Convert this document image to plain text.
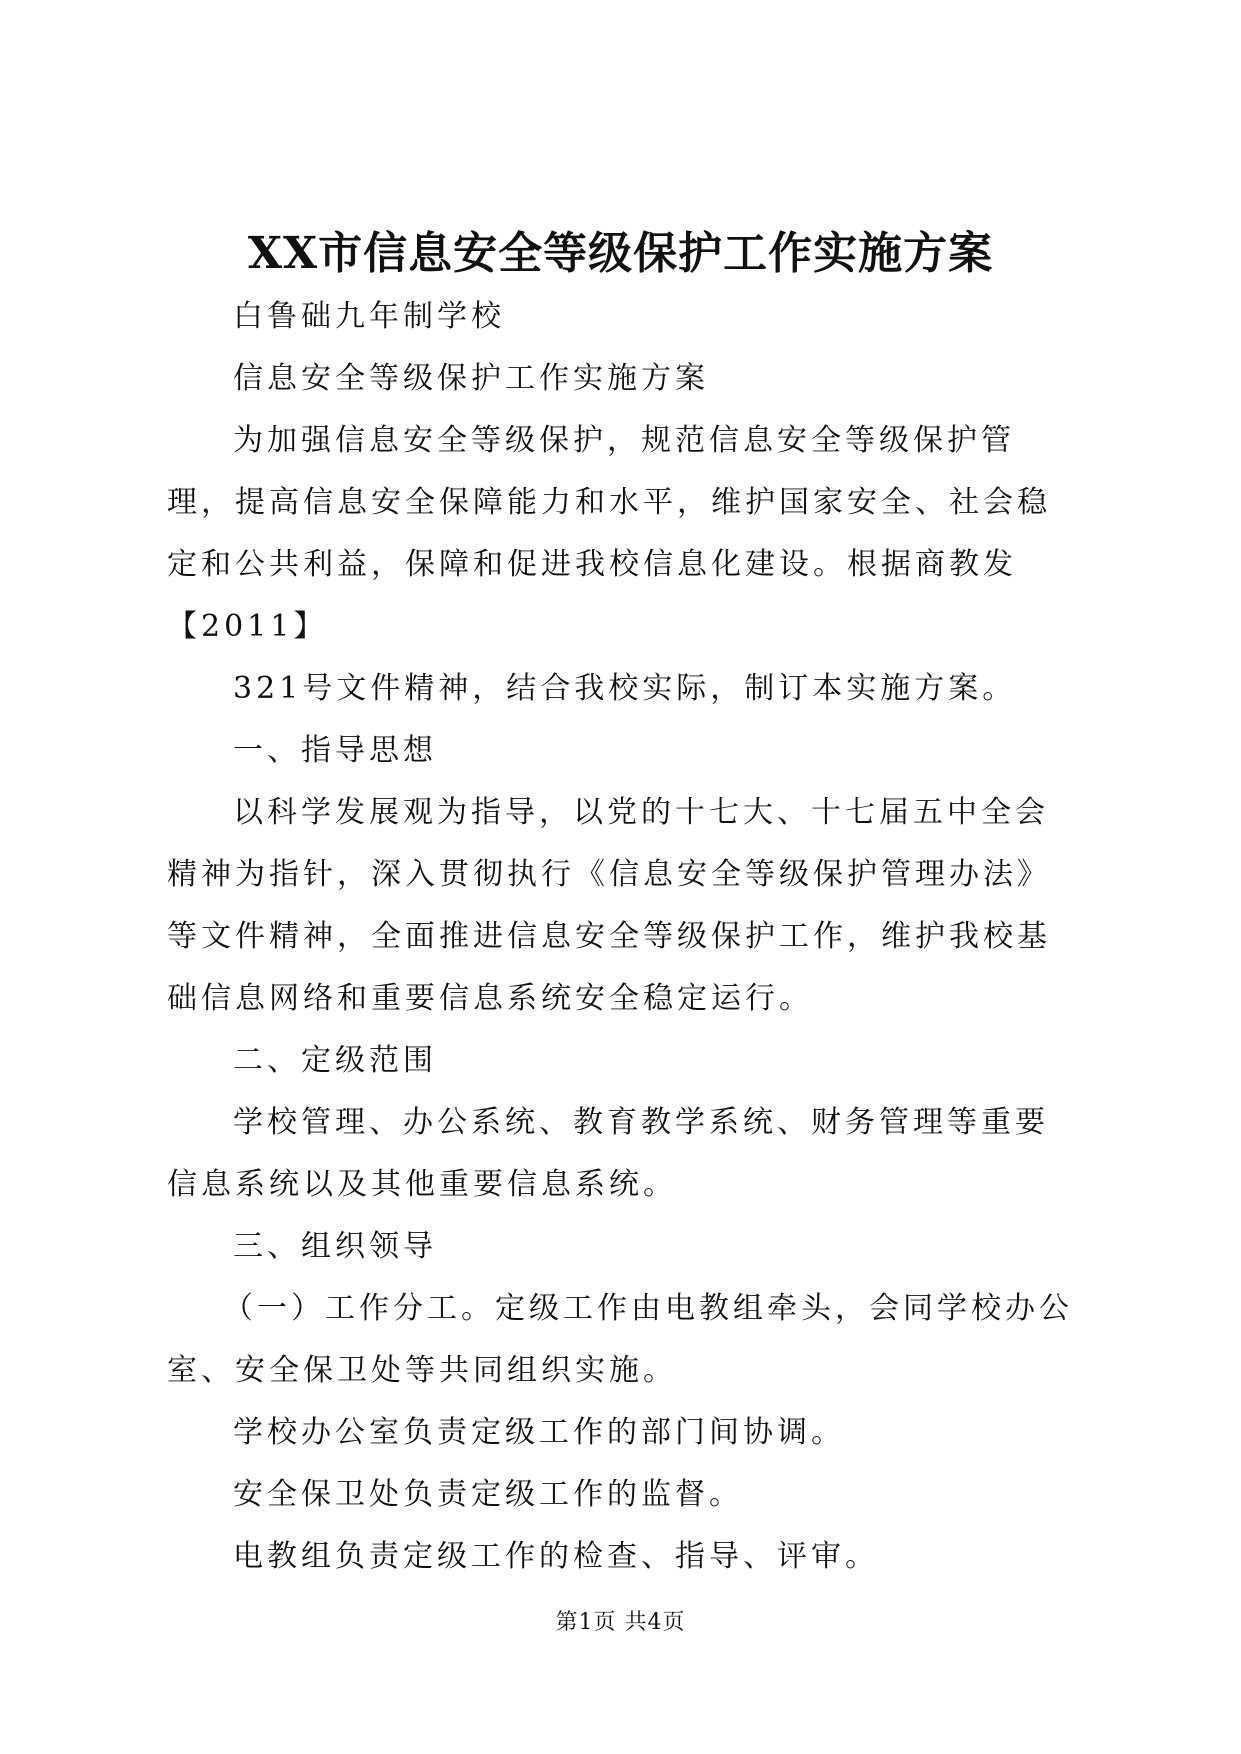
XX市信息安全等级保护工作实施方案

白鲁础九年制学校

信息安全等级保护工作实施方案

为加强信息安全等级保护，规范信息安全等级保护管理，提高信息安全保障能力和水平，维护国家安全、社会稳定和公共利益，保障和促进我校信息化建设。根据商教发【2011】

321号文件精神，结合我校实际，制订本实施方案。

一、指导思想

以科学发展观为指导，以党的十七大、十七届五中全会精神为指针，深入贯彻执行《信息安全等级保护管理办法》等文件精神，全面推进信息安全等级保护工作，维护我校基础信息网络和重要信息系统安全稳定运行。

二、定级范围

学校管理、办公系统、教育教学系统、财务管理等重要信息系统以及其他重要信息系统。

三、组织领导

（一）工作分工。定级工作由电教组牵头，会同学校办公室、安全保卫处等共同组织实施。

学校办公室负责定级工作的部门间协调。

安全保卫处负责定级工作的监督。

电教组负责定级工作的检查、指导、评审。

第1页 共4页
